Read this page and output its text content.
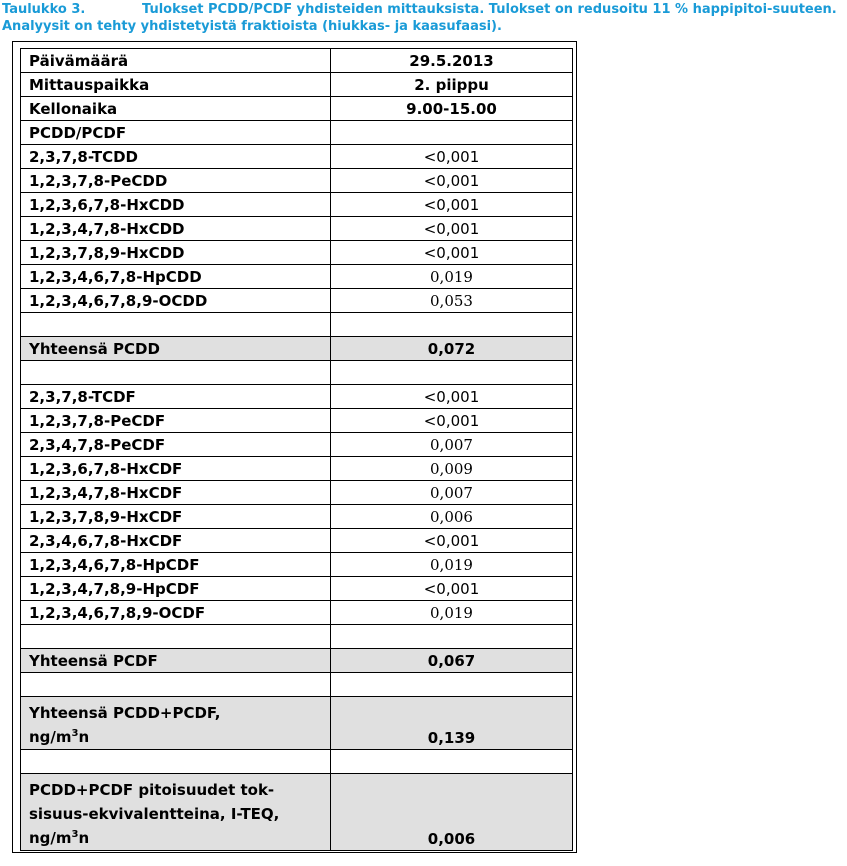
Taulukko 3.	Tulokset PCDD/PCDF yhdisteiden mittauksista. Tulokset on redusoitu 11 % happipitoi-suuteen. Analyysit on tehty yhdistetyistä fraktioista (hiukkas- ja kaasufaasi).
Päivämäärä	29.5.2013
Mittauspaikka	2. piippu
Kellonaika	9.00-15.00
PCDD/PCDF	
2,3,7,8-TCDD	<0,001
1,2,3,7,8-PeCDD	<0,001
1,2,3,6,7,8-HxCDD	<0,001
1,2,3,4,7,8-HxCDD	<0,001
1,2,3,7,8,9-HxCDD	<0,001
1,2,3,4,6,7,8-HpCDD	0,019
1,2,3,4,6,7,8,9-OCDD	0,053

Yhteensä PCDD	0,072

2,3,7,8-TCDF	<0,001
1,2,3,7,8-PeCDF	<0,001
2,3,4,7,8-PeCDF	0,007
1,2,3,6,7,8-HxCDF	0,009
1,2,3,4,7,8-HxCDF	0,007
1,2,3,7,8,9-HxCDF	0,006
2,3,4,6,7,8-HxCDF	<0,001
1,2,3,4,6,7,8-HpCDF	0,019
1,2,3,4,7,8,9-HpCDF	<0,001
1,2,3,4,6,7,8,9-OCDF	0,019

Yhteensä PCDF	0,067

Yhteensä PCDD+PCDF,
$ng/m^3n$	0,139

PCDD+PCDF pitoisuudet tok-
sisuus-ekvivalentteina, I-TEQ,
$ng/m^3n$	0,006
